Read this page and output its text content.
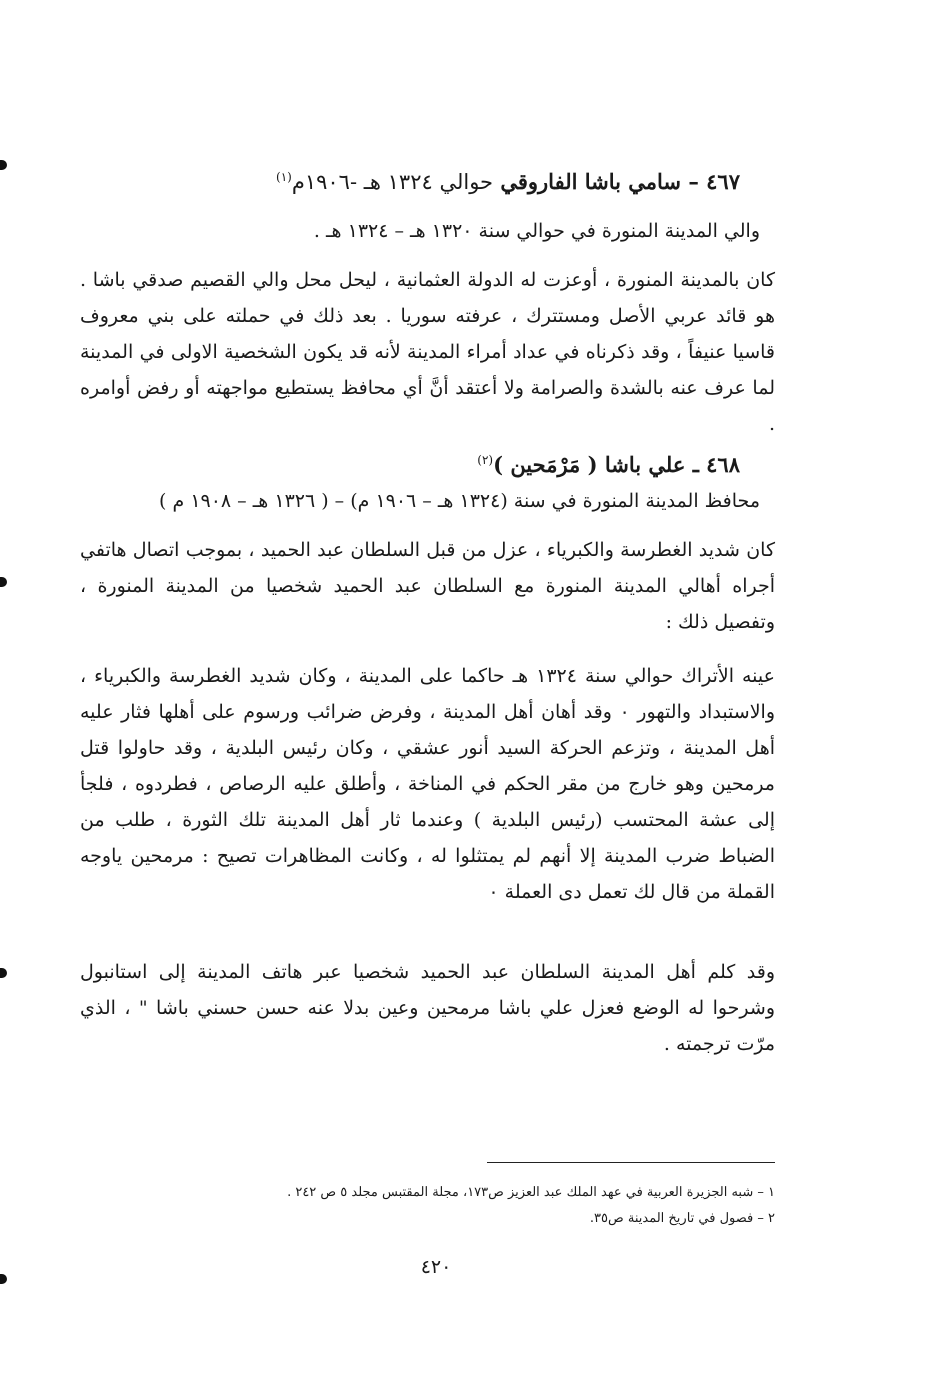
٤٦٧ – سامي باشا الفاروقي حوالي ١٣٢٤ هـ -١٩٠٦م$^{(١)}$
والي المدينة المنورة في حوالي سنة ١٣٢٠ هـ – ١٣٢٤ هـ .
كان بالمدينة المنورة ، أوعزت له الدولة العثمانية ، ليحل محل والي القصيم صدقي باشا . هو قائد عربي الأصل ومستترك ، عرفته سوريا . بعد ذلك في حملته على بني معروف قاسيا عنيفاً ، وقد ذكرناه في عداد أمراء المدينة لأنه قد يكون الشخصية الاولى في المدينة لما عرف عنه بالشدة والصرامة ولا أعتقد أنَّ أي محافظ يستطيع مواجهته أو رفض أوامره .
٤٦٨ ـ علي باشا ( مَرْمَحين )$^{(٢)}$
محافظ المدينة المنورة في سنة (١٣٢٤ هـ – ١٩٠٦ م) – ( ١٣٢٦ هـ – ١٩٠٨ م )
كان شديد الغطرسة والكبرياء ، عزل من قبل السلطان عبد الحميد ، بموجب اتصال هاتفي أجراه أهالي المدينة المنورة مع السلطان عبد الحميد شخصيا من المدينة المنورة ، وتفصيل ذلك :
عينه الأتراك حوالي سنة ١٣٢٤ هـ حاكما على المدينة ، وكان شديد الغطرسة والكبرياء ، والاستبداد والتهور ٠ وقد أهان أهل المدينة ، وفرض ضرائب ورسوم على أهلها فثار عليه أهل المدينة ، وتزعم الحركة السيد أنور عشقي ، وكان رئيس البلدية ، وقد حاولوا قتل مرمحين وهو خارج من مقر الحكم في المناخة ، وأطلق عليه الرصاص ، فطردوه ، فلجأ إلى عشة المحتسب (رئيس البلدية ) وعندما ثار أهل المدينة تلك الثورة ، طلب من الضباط ضرب المدينة إلا أنهم لم يمتثلوا له ، وكانت المظاهرات تصيح : مرمحين ياوجه القملة من قال لك تعمل دى العملة ٠
وقد كلم أهل المدينة السلطان عبد الحميد شخصيا عبر هاتف المدينة إلى استانبول وشرحوا له الوضع فعزل علي باشا مرمحين وعين بدلا عنه حسن حسني باشا " ، الذي مرّت ترجمته .
١ – شبه الجزيرة العربية في عهد الملك عبد العزيز ص١٧٣، مجلة المقتبس مجلد ٥ ص ٢٤٢ .
٢ – فصول في تاريخ المدينة ص٣٥.
٤٢٠
